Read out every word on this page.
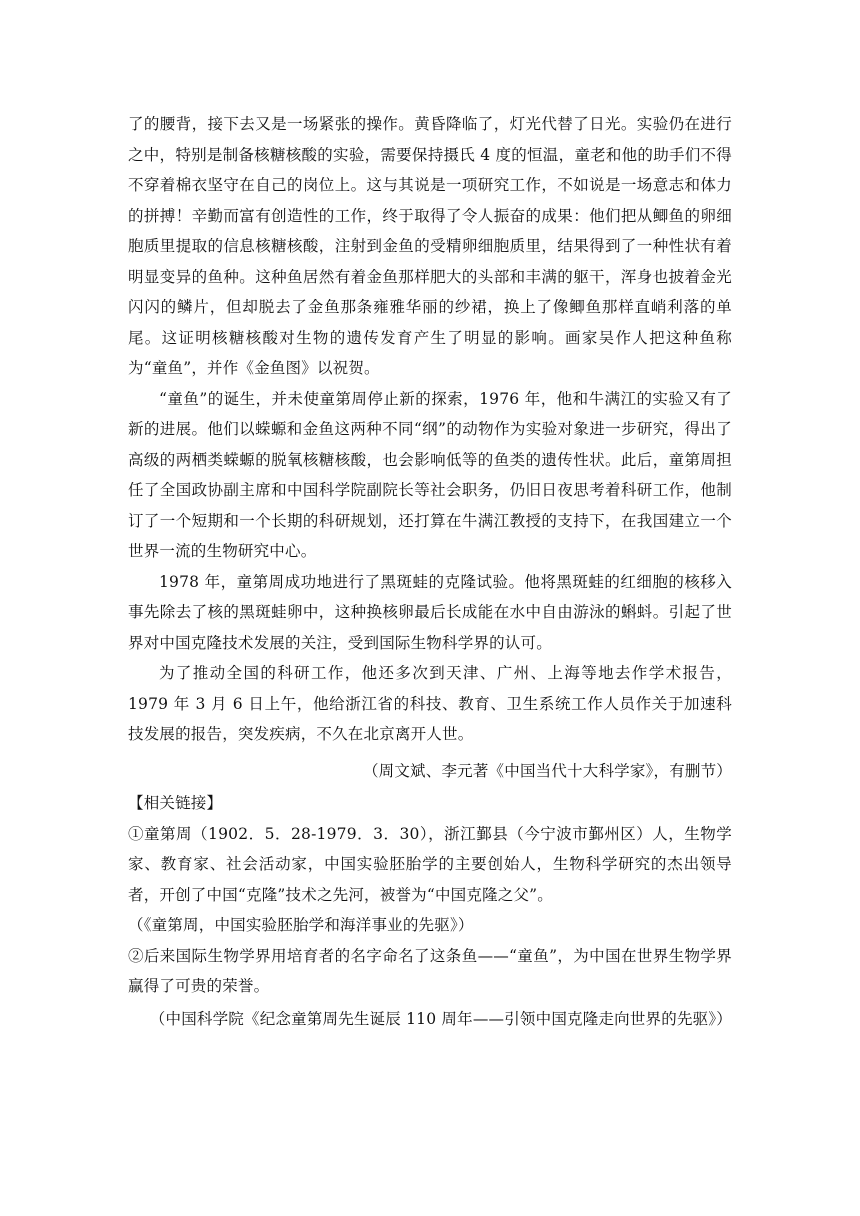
了的腰背，接下去又是一场紧张的操作。黄昏降临了，灯光代替了日光。实验仍在进行之中，特别是制备核糖核酸的实验，需要保持摄氏 4 度的恒温，童老和他的助手们不得不穿着棉衣坚守在自己的岗位上。这与其说是一项研究工作，不如说是一场意志和体力的拼搏！辛勤而富有创造性的工作，终于取得了令人振奋的成果：他们把从鲫鱼的卵细胞质里提取的信息核糖核酸，注射到金鱼的受精卵细胞质里，结果得到了一种性状有着明显变异的鱼种。这种鱼居然有着金鱼那样肥大的头部和丰满的躯干，浑身也披着金光闪闪的鳞片，但却脱去了金鱼那条雍雅华丽的纱裙，换上了像鲫鱼那样直峭利落的单尾。这证明核糖核酸对生物的遗传发育产生了明显的影响。画家吴作人把这种鱼称为“童鱼”，并作《金鱼图》以祝贺。

“童鱼”的诞生，并未使童第周停止新的探索，1976 年，他和牛满江的实验又有了新的进展。他们以蝾螈和金鱼这两种不同“纲”的动物作为实验对象进一步研究，得出了高级的两栖类蝾螈的脱氧核糖核酸，也会影响低等的鱼类的遗传性状。此后，童第周担任了全国政协副主席和中国科学院副院长等社会职务，仍旧日夜思考着科研工作，他制订了一个短期和一个长期的科研规划，还打算在牛满江教授的支持下，在我国建立一个世界一流的生物研究中心。

1978 年，童第周成功地进行了黑斑蛙的克隆试验。他将黑斑蛙的红细胞的核移入事先除去了核的黑斑蛙卵中，这种换核卵最后长成能在水中自由游泳的蝌蚪。引起了世界对中国克隆技术发展的关注，受到国际生物科学界的认可。

为了推动全国的科研工作，他还多次到天津、广州、上海等地去作学术报告，1979 年 3 月 6 日上午，他给浙江省的科技、教育、卫生系统工作人员作关于加速科技发展的报告，突发疾病，不久在北京离开人世。

（周文斌、李元著《中国当代十大科学家》，有删节）

【相关链接】

①童第周（1902．5．28-1979．3．30），浙江鄞县（今宁波市鄞州区）人，生物学家、教育家、社会活动家，中国实验胚胎学的主要创始人，生物科学研究的杰出领导者，开创了中国“克隆”技术之先河，被誉为“中国克隆之父”。

（《童第周，中国实验胚胎学和海洋事业的先驱》）

②后来国际生物学界用培育者的名字命名了这条鱼——“童鱼”，为中国在世界生物学界赢得了可贵的荣誉。

（中国科学院《纪念童第周先生诞辰 110 周年——引领中国克隆走向世界的先驱》）
